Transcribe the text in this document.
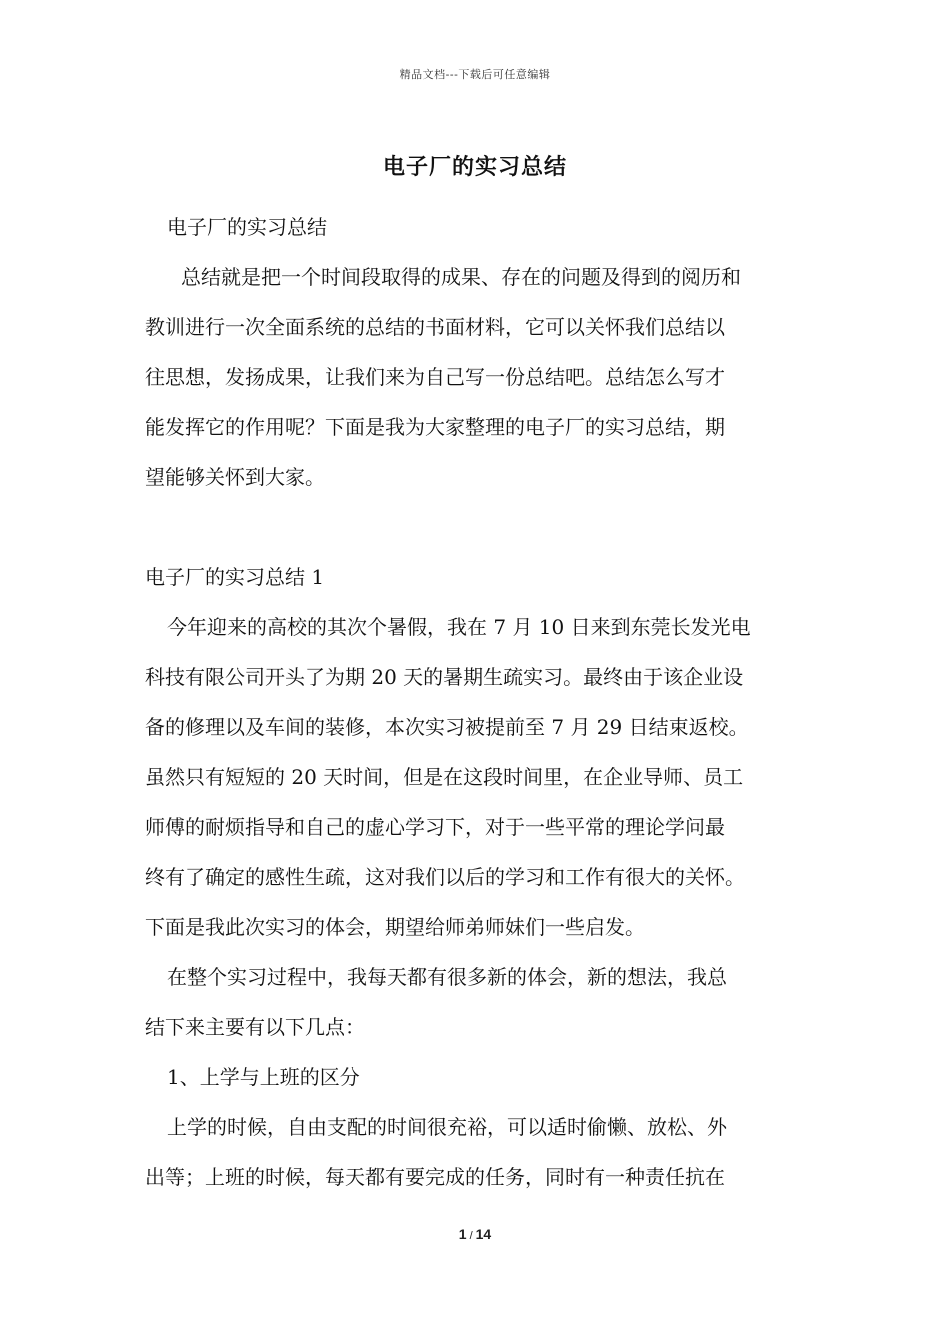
精品文档---下载后可任意编辑
电子厂的实习总结
电子厂的实习总结
总结就是把一个时间段取得的成果、存在的问题及得到的阅历和
教训进行一次全面系统的总结的书面材料，它可以关怀我们总结以
往思想，发扬成果，让我们来为自己写一份总结吧。总结怎么写才
能发挥它的作用呢？下面是我为大家整理的电子厂的实习总结，期
望能够关怀到大家。
电子厂的实习总结 1
今年迎来的高校的其次个暑假，我在 7 月 10 日来到东莞长发光电
科技有限公司开头了为期 20 天的暑期生疏实习。最终由于该企业设
备的修理以及车间的装修，本次实习被提前至 7 月 29 日结束返校。
虽然只有短短的 20 天时间，但是在这段时间里，在企业导师、员工
师傅的耐烦指导和自己的虚心学习下，对于一些平常的理论学问最
终有了确定的感性生疏，这对我们以后的学习和工作有很大的关怀。
下面是我此次实习的体会，期望给师弟师妹们一些启发。
在整个实习过程中，我每天都有很多新的体会，新的想法，我总
结下来主要有以下几点：
1、上学与上班的区分
上学的时候，自由支配的时间很充裕，可以适时偷懒、放松、外
出等；上班的时候，每天都有要完成的任务，同时有一种责任抗在
1 / 14
